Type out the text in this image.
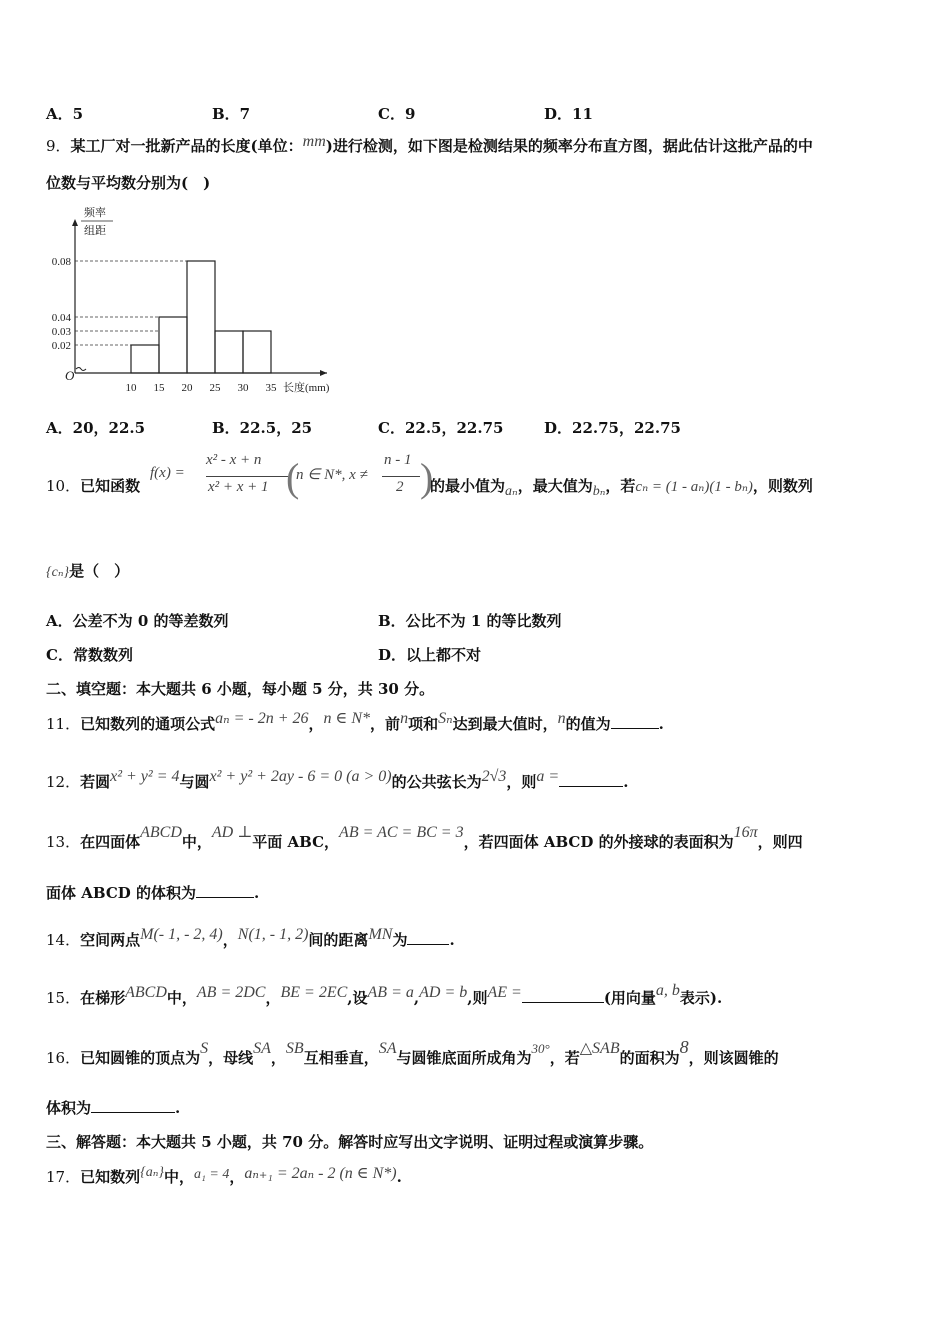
A．5	B．7	C．9	D．11
9．某工厂对一批新产品的长度(单位：mm)进行检测，如下图是检测结果的频率分布直方图，据此估计这批产品的中
位数与平均数分别为(　)
0.08
0.04
0.03
0.02
10 15 20 25 30 35
O
长度(mm)
频率
组距
A．20，22.5	B．22.5，25	C．22.5，22.75	D．22.75，22.75
10．已知函数
f(x) =
x² - x + n
x² + x + 1 (
n ∈ N*, x ≠
n - 1
2 )
的最小值为aₙ，最大值为bₙ，若cₙ = (1 - aₙ)(1 - bₙ)，则数列
{cₙ}是（　）
A．公差不为 0 的等差数列	B．公比不为 1 的等比数列
C．常数数列	D．以上都不对
二、填空题：本大题共 6 小题，每小题 5 分，共 30 分。
11．已知数列的通项公式aₙ = - 2n + 26，n ∈ N*，前n项和Sₙ达到最大值时，n的值为	.
12．若圆x² + y² = 4与圆x² + y² + 2ay - 6 = 0 (a > 0)的公共弦长为2√3，则a =	.
13．在四面体ABCD中，AD ⊥平面 ABC，AB = AC = BC = 3，若四面体 ABCD 的外接球的表面积为16π，则四
面体 ABCD 的体积为	.
14．空间两点M(- 1, - 2, 4)，N(1, - 1, 2)间的距离MN为	.
15．在梯形ABCD中，AB = 2DC，BE = 2EC,设AB = a,AD = b,则AE =	(用向量a, b表示).
16．已知圆锥的顶点为S，母线SA，SB互相垂直，SA与圆锥底面所成角为30°，若△SAB的面积为8，则该圆锥的
体积为	.
三、解答题：本大题共 5 小题，共 70 分。解答时应写出文字说明、证明过程或演算步骤。
17．已知数列{aₙ}中，a₁ = 4，aₙ₊₁ = 2aₙ - 2 (n ∈ N*).
